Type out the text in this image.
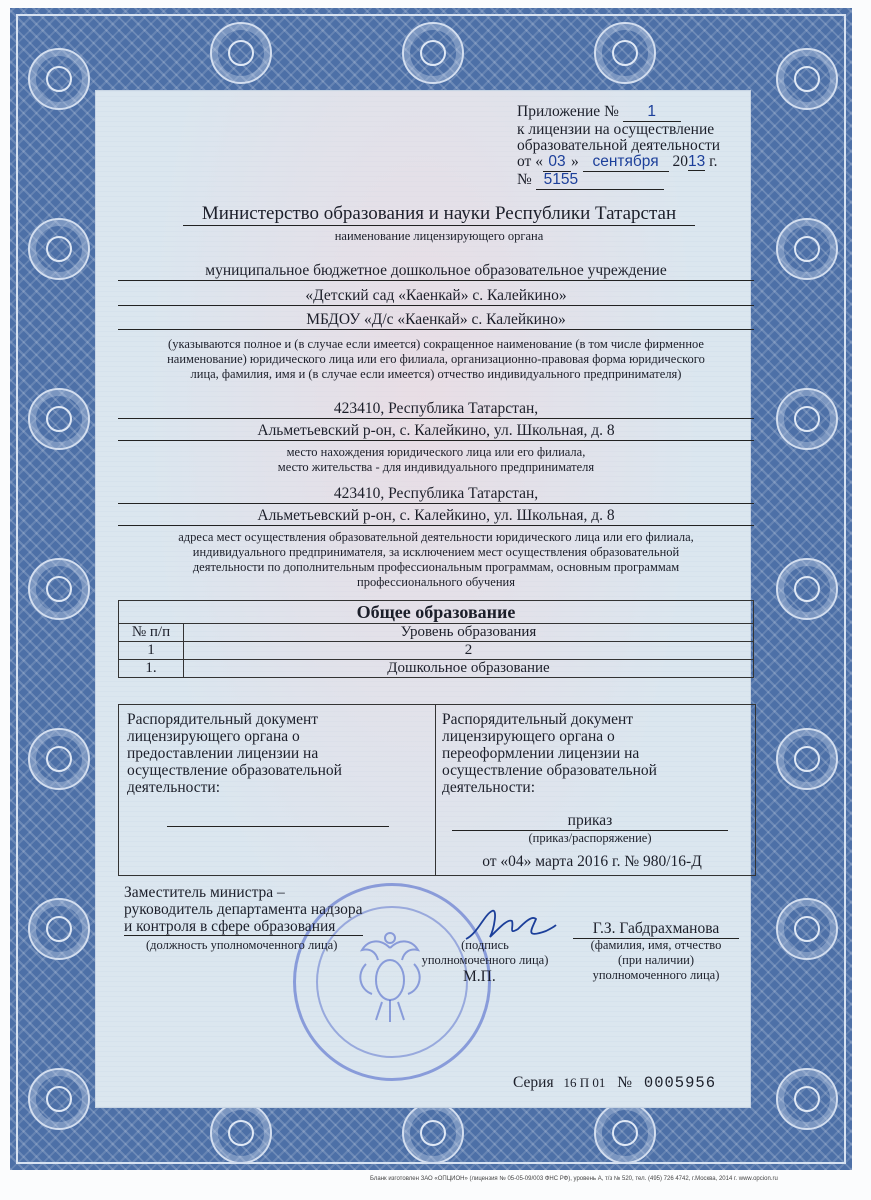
Приложение № 1
к лицензии на осуществление
образовательной деятельности
от « 03 » сентября 2013 г.
№ 5155
Министерство образования и науки Республики Татарстан
наименование лицензирующего органа
муниципальное бюджетное дошкольное образовательное учреждение
«Детский сад «Каенкай» с. Калейкино»
МБДОУ «Д/с «Каенкай» с. Калейкино»
(указываются полное и (в случае если имеется) сокращенное наименование (в том числе фирменное
наименование) юридического лица или его филиала, организационно-правовая форма юридического
лица, фамилия, имя и (в случае если имеется) отчество индивидуального предпринимателя)
423410, Республика Татарстан,
Альметьевский р-он, с. Калейкино, ул. Школьная, д. 8
место нахождения юридического лица или его филиала,
место жительства - для индивидуального предпринимателя
423410, Республика Татарстан,
Альметьевский р-он, с. Калейкино, ул. Школьная, д. 8
адреса мест осуществления образовательной деятельности юридического лица или его филиала,
индивидуального предпринимателя, за исключением мест осуществления образовательной
деятельности по дополнительным профессиональным программам, основным программам
профессионального обучения
Общее образование	
№ п/п	Уровень образования
1	2
1.	Дошкольное образование
Распорядительный документ
лицензирующего органа о
предоставлении лицензии на
осуществление образовательной
деятельности:
Распорядительный документ
лицензирующего органа о
переоформлении лицензии на
осуществление образовательной
деятельности:
приказ
(приказ/распоряжение)
от «04» марта 2016 г. № 980/16-Д
Заместитель министра –
руководитель департамента надзора
и контроля в сфере образования
(должность уполномоченного лица)	(подпись
уполномоченного лица)
М.П.
Г.З. Габдрахманова
(фамилия, имя, отчество
(при наличии)
уполномоченного лица)
Серия 16 П 01 № 0005956
Бланк изготовлен ЗАО «ОПЦИОН» (лицензия № 05-05-09/003 ФНС РФ), уровень А, т/з № 520, тел. (495) 726 4742, г.Москва, 2014 г. www.opcion.ru
